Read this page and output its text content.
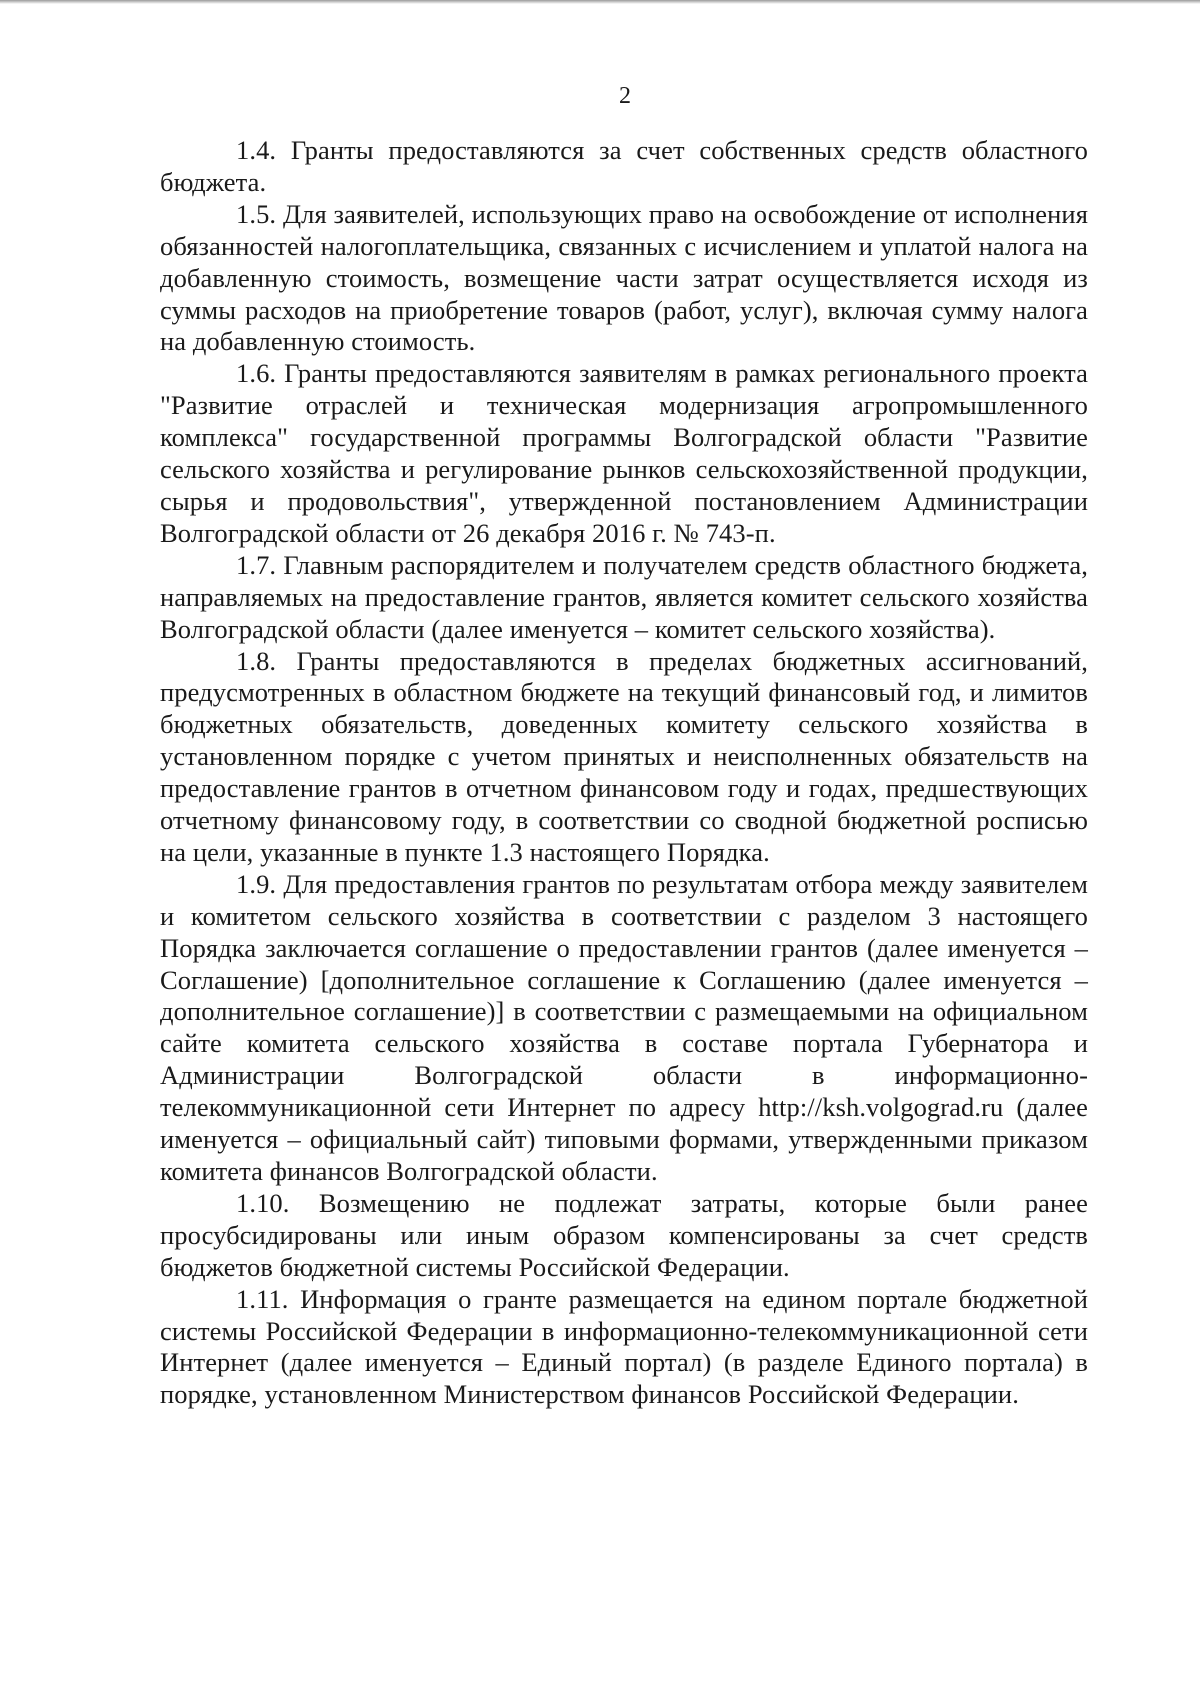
2

1.4. Гранты предоставляются за счет собственных средств областного бюджета.

1.5. Для заявителей, использующих право на освобождение от исполнения обязанностей налогоплательщика, связанных с исчислением и уплатой налога на добавленную стоимость, возмещение части затрат осуществляется исходя из суммы расходов на приобретение товаров (работ, услуг), включая сумму налога на добавленную стоимость.

1.6. Гранты предоставляются заявителям в рамках регионального проекта "Развитие отраслей и техническая модернизация агропромышленного комплекса" государственной программы Волгоградской области "Развитие сельского хозяйства и регулирование рынков сельскохозяйственной продукции, сырья и продовольствия", утвержденной постановлением Администрации Волгоградской области от 26 декабря 2016 г. № 743-п.

1.7. Главным распорядителем и получателем средств областного бюджета, направляемых на предоставление грантов, является комитет сельского хозяйства Волгоградской области (далее именуется – комитет сельского хозяйства).

1.8. Гранты предоставляются в пределах бюджетных ассигнований, предусмотренных в областном бюджете на текущий финансовый год, и лимитов бюджетных обязательств, доведенных комитету сельского хозяйства в установленном порядке с учетом принятых и неисполненных обязательств на предоставление грантов в отчетном финансовом году и годах, предшествующих отчетному финансовому году, в соответствии со сводной бюджетной росписью на цели, указанные в пункте 1.3 настоящего Порядка.

1.9. Для предоставления грантов по результатам отбора между заявителем и комитетом сельского хозяйства в соответствии с разделом 3 настоящего Порядка заключается соглашение о предоставлении грантов (далее именуется – Соглашение) [дополнительное соглашение к Соглашению (далее именуется – дополнительное соглашение)] в соответствии с размещаемыми на официальном сайте комитета сельского хозяйства в составе портала Губернатора и Администрации Волгоградской области в информационно-телекоммуникационной сети Интернет по адресу http://ksh.volgograd.ru (далее именуется – официальный сайт) типовыми формами, утвержденными приказом комитета финансов Волгоградской области.

1.10. Возмещению не подлежат затраты, которые были ранее просубсидированы или иным образом компенсированы за счет средств бюджетов бюджетной системы Российской Федерации.

1.11. Информация о гранте размещается на едином портале бюджетной системы Российской Федерации в информационно-телекоммуникационной сети Интернет (далее именуется – Единый портал) (в разделе Единого портала) в порядке, установленном Министерством финансов Российской Федерации.
